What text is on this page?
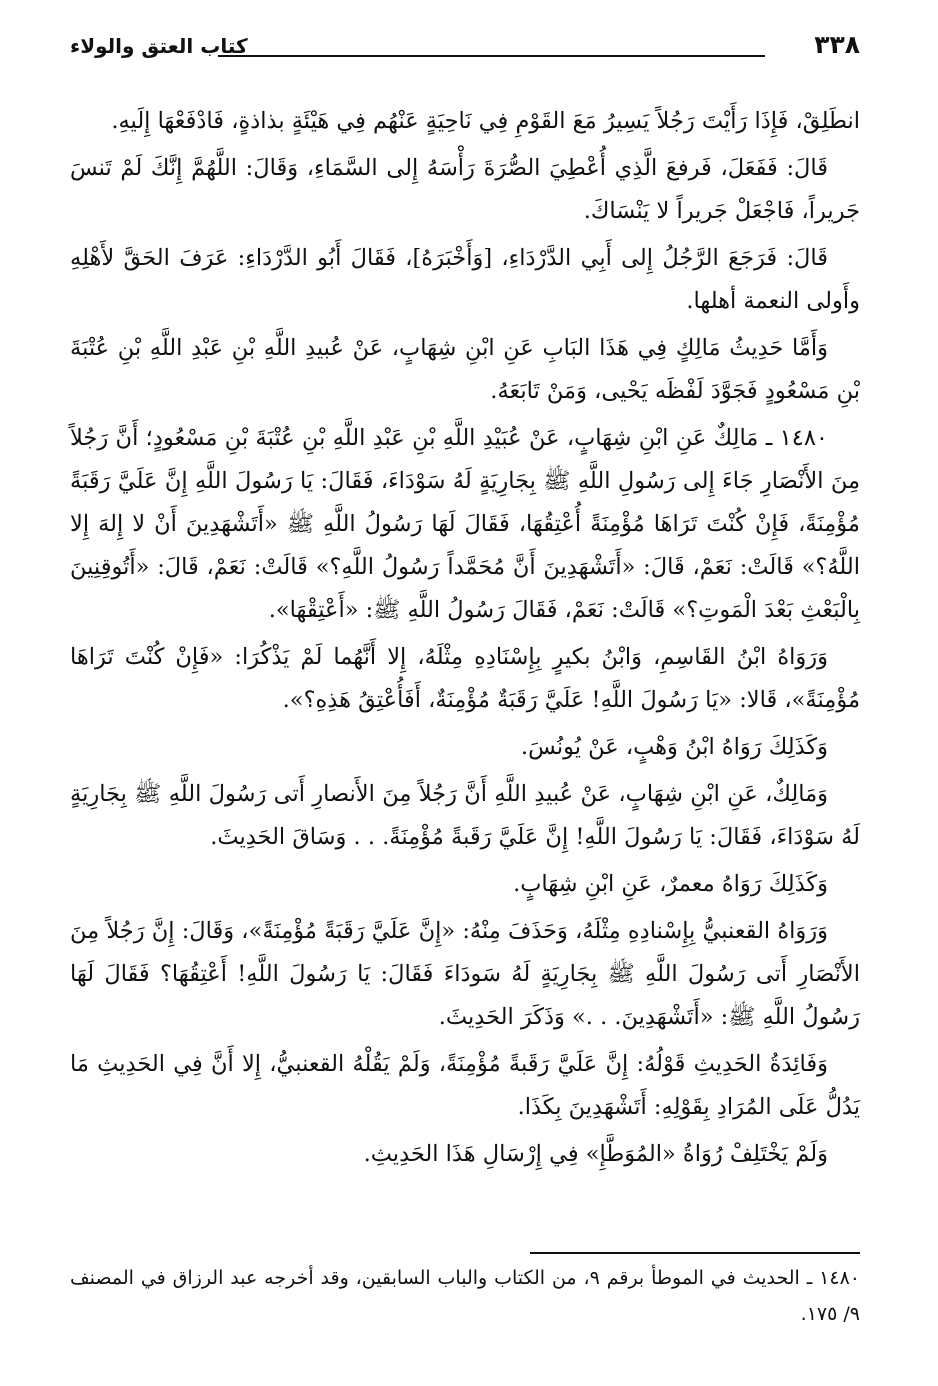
٣٣٨
كتاب العتق والولاء

انطَلِقْ، فَإِذَا رَأَيْتَ رَجُلاً يَسِيرُ مَعَ القَوْمِ فِي نَاحِيَةٍ عَنْهُم فِي هَيْئَةٍ بذاذةٍ، فَادْفَعْهَا إِلَيهِ.

قَالَ: فَفَعَلَ، فَرفعَ الَّذِي أُعْطِيَ الصُّرَةَ رَأْسَهُ إِلى السَّمَاءِ، وَقَالَ: اللَّهُمَّ إِنَّكَ لَمْ تَنسَ جَريراً، فَاجْعَلْ جَريراً لا يَنْسَاكَ.

قَالَ: فَرَجَعَ الرَّجُلُ إِلى أَبِي الدَّرْدَاءِ، [وَأَخْبَرَهُ]، فَقَالَ أَبُو الدَّرْدَاءِ: عَرَفَ الحَقَّ لأَهْلِهِ وأَولى النعمة أهلها.

وَأَمَّا حَدِيثُ مَالِكٍ فِي هَذَا البَابِ عَنِ ابْنِ شِهَابٍ، عَنْ عُبيدِ اللَّهِ بْنِ عَبْدِ اللَّهِ بْنِ عُتْبَةَ بْنِ مَسْعُودٍ فَجَوَّدَ لَفْظَه يَحْيى، وَمَنْ تَابَعَهُ.

١٤٨٠ ـ مَالِكٌ عَنِ ابْنِ شِهَابٍ، عَنْ عُبَيْدِ اللَّهِ بْنِ عَبْدِ اللَّهِ بْنِ عُتْبَةَ بْنِ مَسْعُودٍ؛ أَنَّ رَجُلاً مِنَ الأَنْصَارِ جَاءَ إِلى رَسُولِ اللَّهِ ﷺ بِجَارِيَةٍ لَهُ سَوْدَاءَ، فَقَالَ: يَا رَسُولَ اللَّهِ إِنَّ عَلَيَّ رَقَبَةً مُؤْمِنَةً، فَإِنْ كُنْتَ تَرَاهَا مُؤْمِنَةً أُعْتِقُهَا، فَقَالَ لَهَا رَسُولُ اللَّهِ ﷺ «أَتَشْهَدِينَ أَنْ لا إِلهَ إِلا اللَّهُ؟» قَالَتْ: نَعَمْ، قَالَ: «أَتَشْهَدِينَ أَنَّ مُحَمَّداً رَسُولُ اللَّهِ؟» قَالَتْ: نَعَمْ، قَالَ: «أَتُوقِنِينَ بِالْبَعْثِ بَعْدَ الْمَوتِ؟» قَالَتْ: نَعَمْ، فَقَالَ رَسُولُ اللَّهِ ﷺ: «أَعْتِقْهَا».

وَرَوَاهُ ابْنُ القَاسِمِ، وَابْنُ بكيرٍ بِإِسْنَادِهِ مِثْلَهُ، إِلا أَنَّهُما لَمْ يَذْكُرَا: «فَإِنْ كُنْتَ تَرَاهَا مُؤْمِنَةً»، قَالا: «يَا رَسُولَ اللَّهِ! عَلَيَّ رَقَبَةٌ مُؤْمِنَةٌ، أَفَأُعْتِقُ هَذِهِ؟».

وَكَذَلِكَ رَوَاهُ ابْنُ وَهْبٍ، عَنْ يُونُسَ.

وَمَالِكٌ، عَنِ ابْنِ شِهَابٍ، عَنْ عُبيدِ اللَّهِ أَنَّ رَجُلاً مِنَ الأَنصارِ أَتى رَسُولَ اللَّهِ ﷺ بِجَارِيَةٍ لَهُ سَوْدَاءَ، فَقَالَ: يَا رَسُولَ اللَّهِ! إِنَّ عَلَيَّ رَقَبةً مُؤْمِنَةً. . . وَسَاقَ الحَدِيثَ.

وَكَذَلِكَ رَوَاهُ معمرٌ، عَنِ ابْنِ شِهَابٍ.

وَرَوَاهُ القعنبيُّ بِإِسْنادِهِ مِثْلَهُ، وَحَذَفَ مِنْهُ: «إِنَّ عَلَيَّ رَقَبَةً مُؤْمِنَةً»، وَقَالَ: إِنَّ رَجُلاً مِنَ الأَنْصَارِ أَتى رَسُولَ اللَّهِ ﷺ بِجَارِيَةٍ لَهُ سَودَاءَ فَقَالَ: يَا رَسُولَ اللَّهِ! أَعْتِقُهَا؟ فَقَالَ لَهَا رَسُولُ اللَّهِ ﷺ: «أَتَشْهَدِينَ. . .» وَذَكَرَ الحَدِيثَ.

وَفَائِدَةُ الحَدِيثِ قَوْلُهُ: إِنَّ عَلَيَّ رَقَبةً مُؤْمِنَةً، وَلَمْ يَقُلْهُ القعنبيُّ، إِلا أَنَّ فِي الحَدِيثِ مَا يَدُلُّ عَلَى المُرَادِ بِقَوْلِهِ: أَتَشْهَدِينَ بِكَذَا.

وَلَمْ يَخْتَلِفْ رُوَاةُ «المُوَطَّإِ» فِي إِرْسَالِ هَذَا الحَدِيثِ.

١٤٨٠ ـ الحديث في الموطأ برقم ٩، من الكتاب والباب السابقين، وقد أخرجه عبد الرزاق في المصنف ٩/ ١٧٥.
